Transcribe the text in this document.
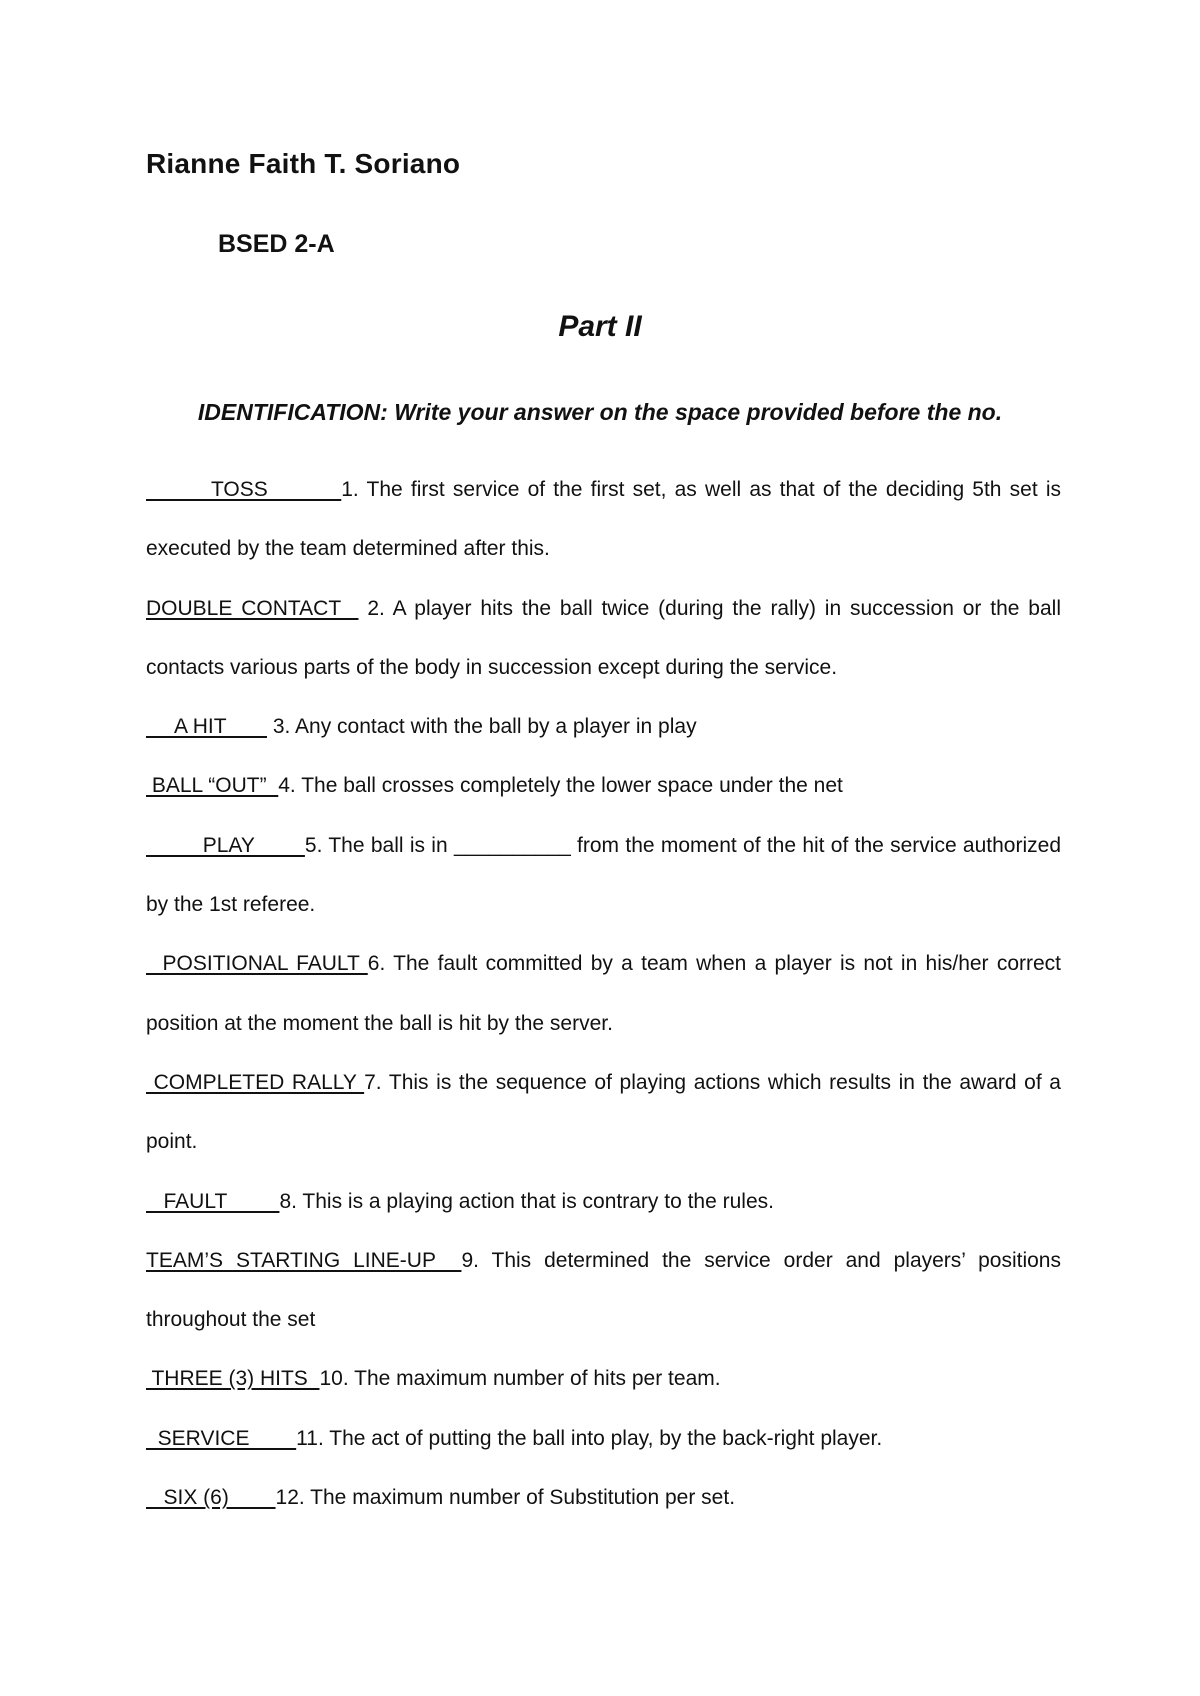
Rianne Faith T. Soriano
BSED 2-A
Part II
IDENTIFICATION: Write your answer on the space provided before the no.

TOSS         1. The first service of the first set, as well as that of the deciding 5th set is executed by the team determined after this.

DOUBLE CONTACT   2. A player hits the ball twice (during the rally) in succession or the ball contacts various parts of the body in succession except during the service.

A HIT        3. Any contact with the ball by a player in play

BALL “OUT”  4. The ball crosses completely the lower space under the net

PLAY        5. The ball is in __________ from the moment of the hit of the service authorized by the 1st referee.

POSITIONAL FAULT 6. The fault committed by a team when a player is not in his/her correct position at the moment the ball is hit by the server.

COMPLETED RALLY 7. This is the sequence of playing actions which results in the award of a point.

FAULT         8. This is a playing action that is contrary to the rules.

TEAM’S STARTING LINE-UP  9. This determined the service order and players’ positions throughout the set

THREE (3) HITS  10. The maximum number of hits per team.

SERVICE        11. The act of putting the ball into play, by the back-right player.

SIX (6)        12. The maximum number of Substitution per set.
